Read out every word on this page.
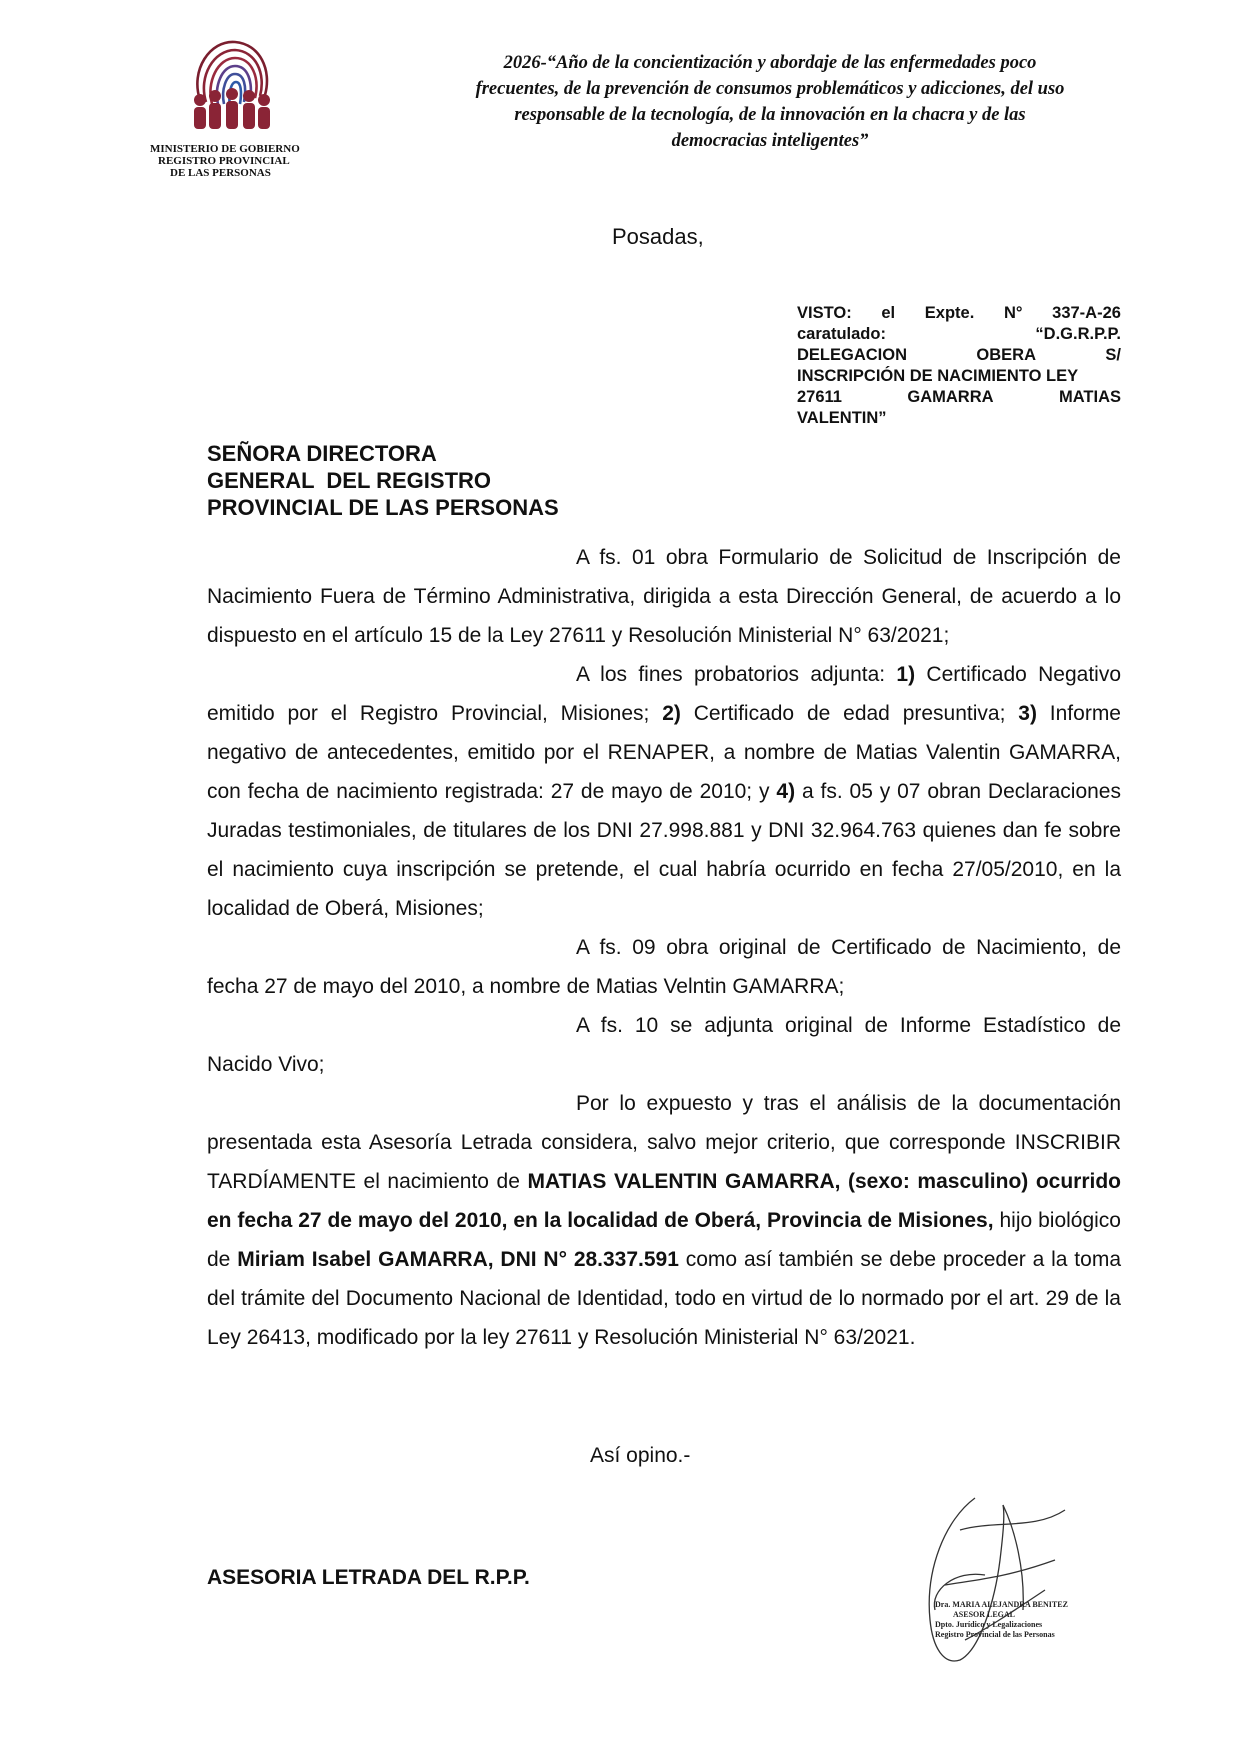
MINISTERIO DE GOBIERNO
REGISTRO PROVINCIAL
DE LAS PERSONAS
2026-“Año de la concientización y abordaje de las enfermedades poco
frecuentes, de la prevención de consumos problemáticos y adicciones, del uso
responsable de la tecnología, de la innovación en la chacra y de las
democracias inteligentes”
Posadas,
VISTO: el Expte. N° 337-A-26
caratulado:	“D.G.R.P.P.
DELEGACION	OBERA	S/
INSCRIPCIÓN DE NACIMIENTO LEY
27611	GAMARRA	MATIAS
VALENTIN”
SEÑORA DIRECTORA
GENERAL  DEL REGISTRO
PROVINCIAL DE LAS PERSONAS

A fs. 01 obra Formulario de Solicitud de Inscripción de Nacimiento Fuera de Término Administrativa, dirigida a esta Dirección General, de acuerdo a lo dispuesto en el artículo 15 de la Ley 27611 y Resolución Ministerial N° 63/2021;

A los fines probatorios adjunta: 1) Certificado Negativo emitido por el Registro Provincial, Misiones; 2) Certificado de edad presuntiva; 3) Informe negativo de antecedentes, emitido por el RENAPER, a nombre de Matias Valentin GAMARRA, con fecha de nacimiento registrada: 27 de mayo de 2010; y 4) a fs. 05 y 07 obran Declaraciones Juradas testimoniales, de titulares de los DNI 27.998.881 y DNI 32.964.763 quienes dan fe sobre el nacimiento cuya inscripción se pretende, el cual habría ocurrido en fecha 27/05/2010, en la localidad de Oberá, Misiones;

A fs. 09 obra original de Certificado de Nacimiento, de fecha 27 de mayo del 2010, a nombre de Matias Velntin GAMARRA;

A fs. 10 se adjunta original de Informe Estadístico de Nacido Vivo;

Por lo expuesto y tras el análisis de la documentación presentada esta Asesoría Letrada considera, salvo mejor criterio, que corresponde INSCRIBIR TARDÍAMENTE el nacimiento de MATIAS VALENTIN GAMARRA, (sexo: masculino) ocurrido en fecha 27 de mayo del 2010, en la localidad de Oberá, Provincia de Misiones, hijo biológico de Miriam Isabel GAMARRA, DNI N° 28.337.591 como así también se debe proceder a la toma del trámite del Documento Nacional de Identidad, todo en virtud de lo normado por el art. 29 de la Ley 26413, modificado por la ley 27611 y Resolución Ministerial N° 63/2021.

Así opino.-
ASESORIA LETRADA DEL R.P.P.
Dra. MARIA ALEJANDRA BENITEZ
ASESOR LEGAL
Dpto. Jurídico y Legalizaciones
Registro Provincial de las Personas
